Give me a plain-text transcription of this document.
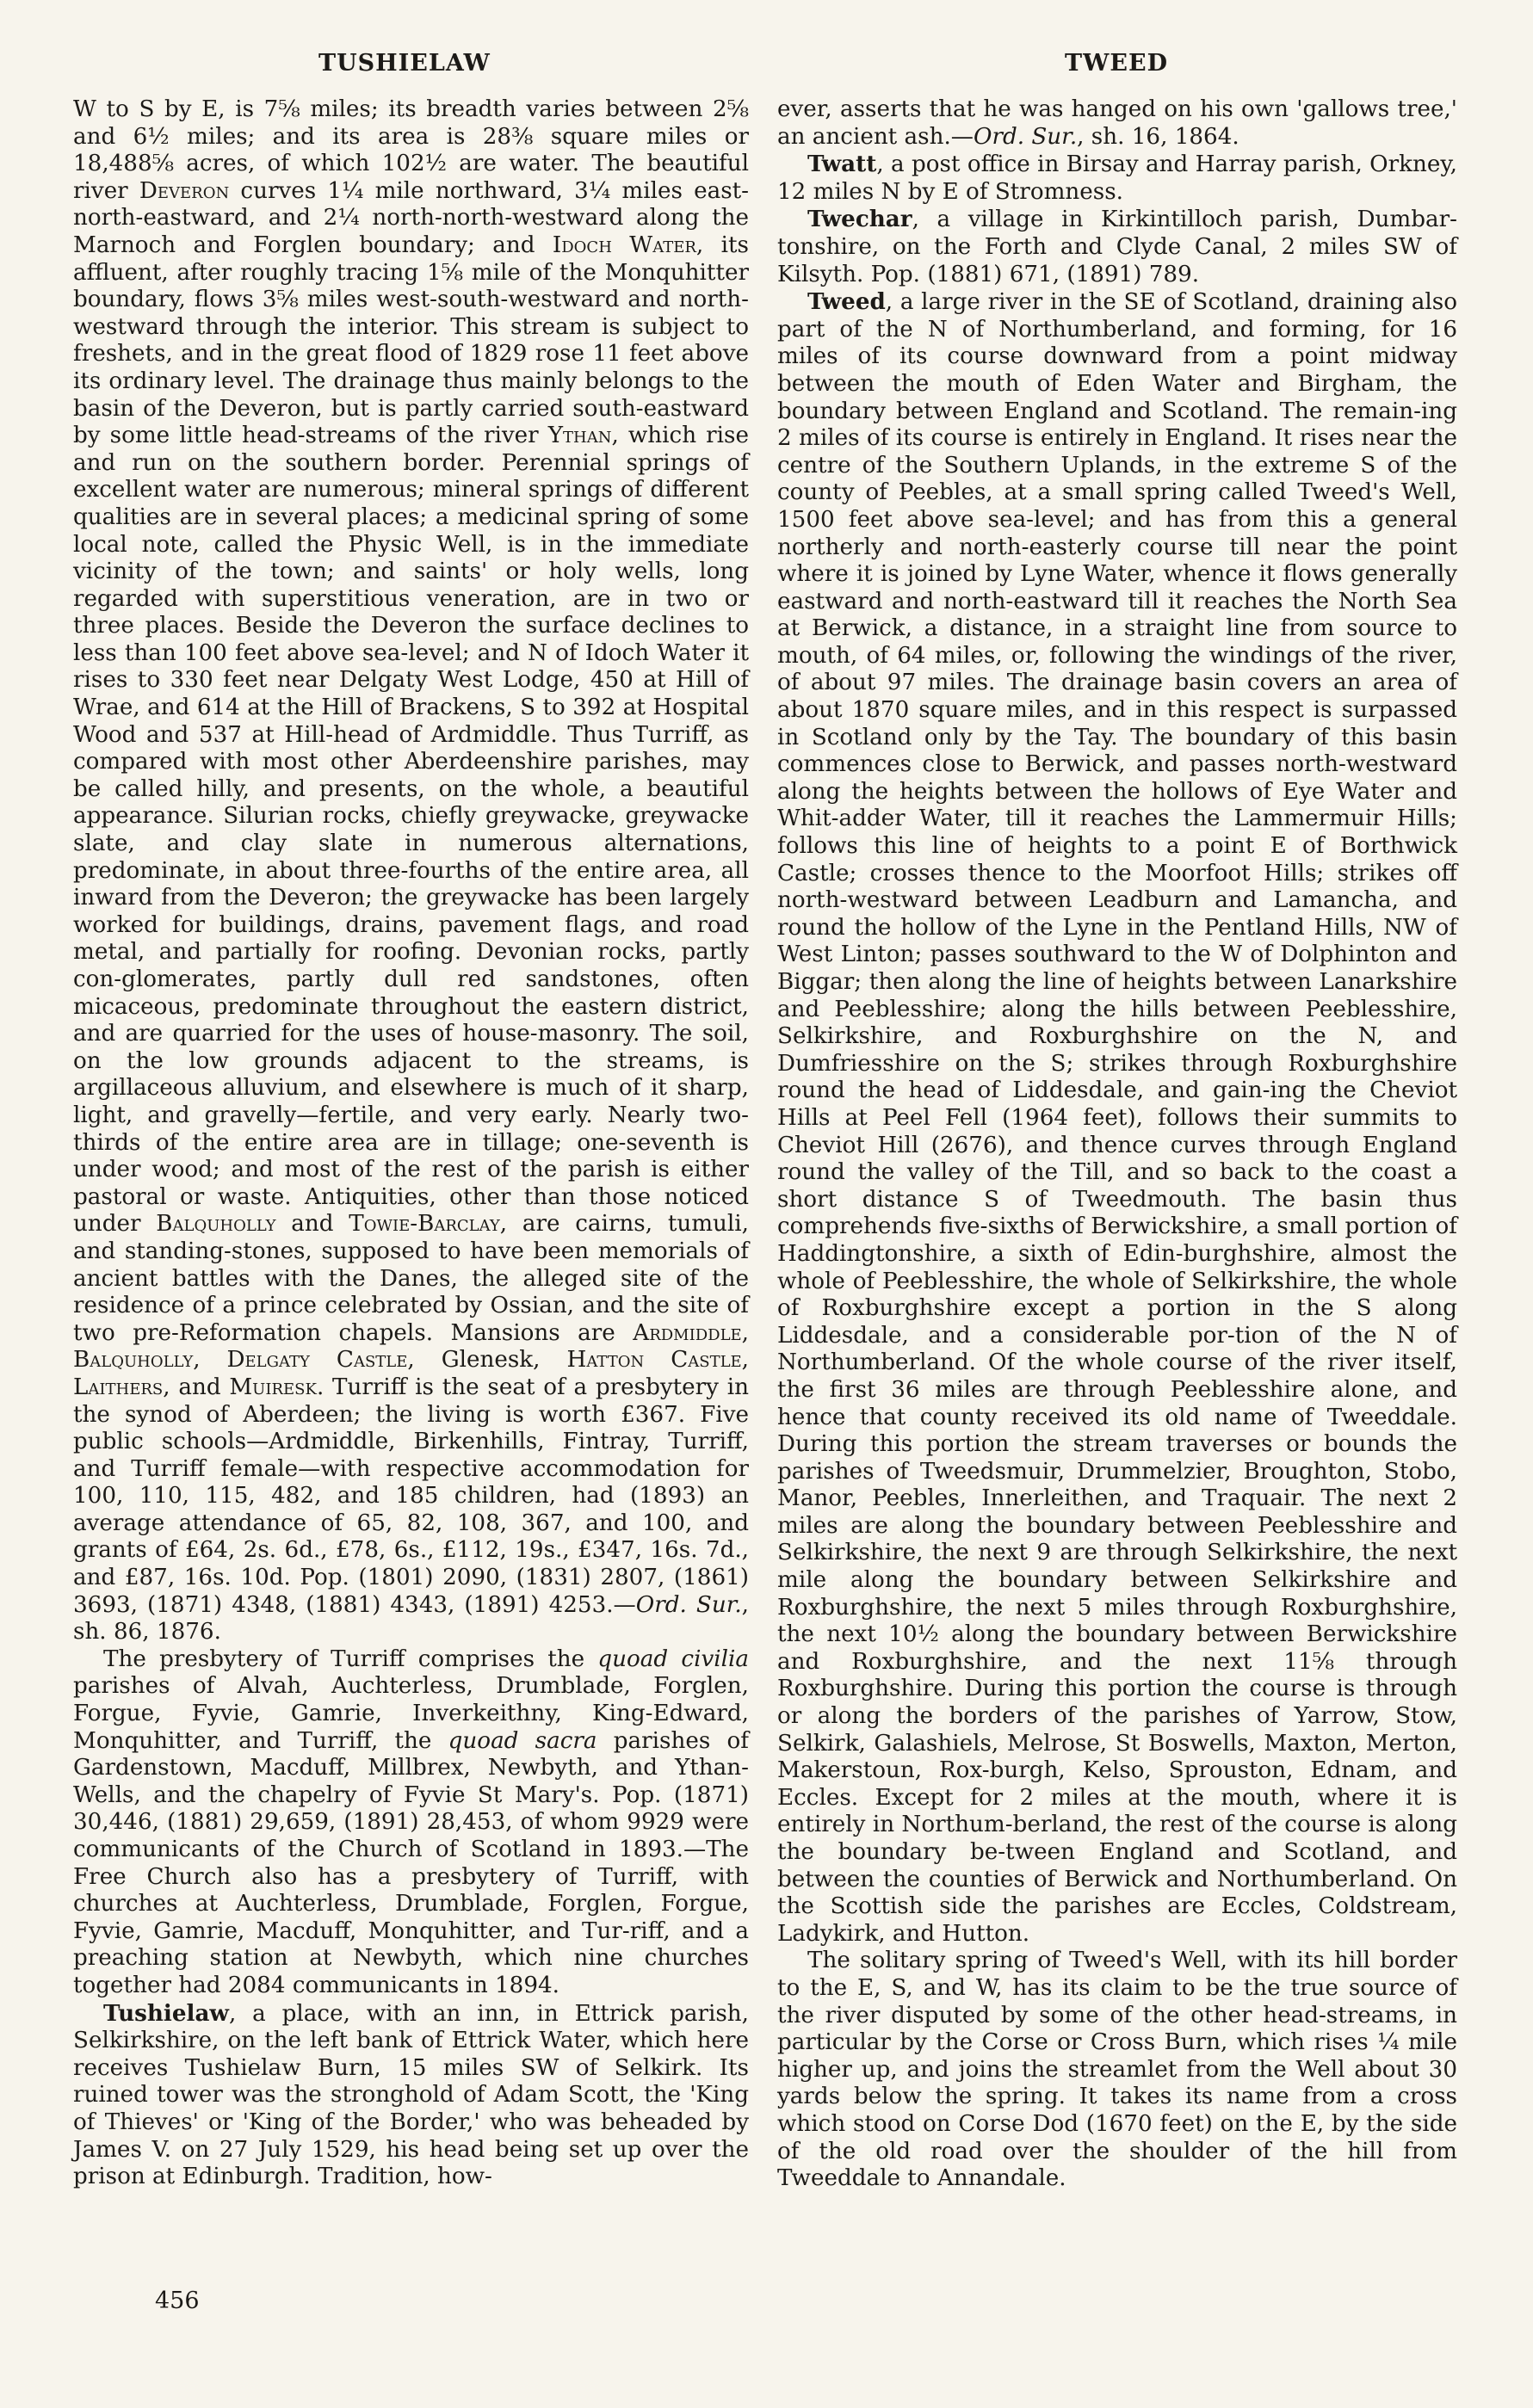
TUSHIELAW	TWEED

W to S by E, is 7⅝ miles; its breadth varies between 2⅝ and 6½ miles; and its area is 28⅜ square miles or 18,488⅝ acres, of which 102½ are water. The beautiful river Deveron curves 1¼ mile northward, 3¼ miles east-north-eastward, and 2¼ north-north-westward along the Marnoch and Forglen boundary; and Idoch Water, its affluent, after roughly tracing 1⅝ mile of the Monquhitter boundary, flows 3⅝ miles west-south-westward and north-westward through the interior. This stream is subject to freshets, and in the great flood of 1829 rose 11 feet above its ordinary level. The drainage thus mainly belongs to the basin of the Deveron, but is partly carried south-eastward by some little head-streams of the river Ythan, which rise and run on the southern border. Perennial springs of excellent water are numerous; mineral springs of different qualities are in several places; a medicinal spring of some local note, called the Physic Well, is in the immediate vicinity of the town; and saints' or holy wells, long regarded with superstitious veneration, are in two or three places. Beside the Deveron the surface declines to less than 100 feet above sea-level; and N of Idoch Water it rises to 330 feet near Delgaty West Lodge, 450 at Hill of Wrae, and 614 at the Hill of Brackens, S to 392 at Hospital Wood and 537 at Hill-head of Ardmiddle. Thus Turriff, as compared with most other Aberdeenshire parishes, may be called hilly, and presents, on the whole, a beautiful appearance. Silurian rocks, chiefly greywacke, greywacke slate, and clay slate in numerous alternations, predominate, in about three-fourths of the entire area, all inward from the Deveron; the greywacke has been largely worked for buildings, drains, pavement flags, and road metal, and partially for roofing. Devonian rocks, partly con-glomerates, partly dull red sandstones, often micaceous, predominate throughout the eastern district, and are quarried for the uses of house-masonry. The soil, on the low grounds adjacent to the streams, is argillaceous alluvium, and elsewhere is much of it sharp, light, and gravelly—fertile, and very early. Nearly two-thirds of the entire area are in tillage; one-seventh is under wood; and most of the rest of the parish is either pastoral or waste. Antiquities, other than those noticed under Balquholly and Towie-Barclay, are cairns, tumuli, and standing-stones, supposed to have been memorials of ancient battles with the Danes, the alleged site of the residence of a prince celebrated by Ossian, and the site of two pre-Reformation chapels. Mansions are Ardmiddle, Balquholly, Delgaty Castle, Glenesk, Hatton Castle, Laithers, and Muiresk. Turriff is the seat of a presbytery in the synod of Aberdeen; the living is worth £367. Five public schools—Ardmiddle, Birkenhills, Fintray, Turriff, and Turriff female—with respective accommodation for 100, 110, 115, 482, and 185 children, had (1893) an average attendance of 65, 82, 108, 367, and 100, and grants of £64, 2s. 6d., £78, 6s., £112, 19s., £347, 16s. 7d., and £87, 16s. 10d. Pop. (1801) 2090, (1831) 2807, (1861) 3693, (1871) 4348, (1881) 4343, (1891) 4253.—Ord. Sur., sh. 86, 1876.

The presbytery of Turriff comprises the quoad civilia parishes of Alvah, Auchterless, Drumblade, Forglen, Forgue, Fyvie, Gamrie, Inverkeithny, King-Edward, Monquhitter, and Turriff, the quoad sacra parishes of Gardenstown, Macduff, Millbrex, Newbyth, and Ythan-Wells, and the chapelry of Fyvie St Mary's. Pop. (1871) 30,446, (1881) 29,659, (1891) 28,453, of whom 9929 were communicants of the Church of Scotland in 1893.—The Free Church also has a presbytery of Turriff, with churches at Auchterless, Drumblade, Forglen, Forgue, Fyvie, Gamrie, Macduff, Monquhitter, and Tur-riff, and a preaching station at Newbyth, which nine churches together had 2084 communicants in 1894.

Tushielaw, a place, with an inn, in Ettrick parish, Selkirkshire, on the left bank of Ettrick Water, which here receives Tushielaw Burn, 15 miles SW of Selkirk. Its ruined tower was the stronghold of Adam Scott, the 'King of Thieves' or 'King of the Border,' who was beheaded by James V. on 27 July 1529, his head being set up over the prison at Edinburgh. Tradition, how-

ever, asserts that he was hanged on his own 'gallows tree,' an ancient ash.—Ord. Sur., sh. 16, 1864.

Twatt, a post office in Birsay and Harray parish, Orkney, 12 miles N by E of Stromness.

Twechar, a village in Kirkintilloch parish, Dumbar-tonshire, on the Forth and Clyde Canal, 2 miles SW of Kilsyth. Pop. (1881) 671, (1891) 789.

Tweed, a large river in the SE of Scotland, draining also part of the N of Northumberland, and forming, for 16 miles of its course downward from a point midway between the mouth of Eden Water and Birgham, the boundary between England and Scotland. The remain-ing 2 miles of its course is entirely in England. It rises near the centre of the Southern Uplands, in the extreme S of the county of Peebles, at a small spring called Tweed's Well, 1500 feet above sea-level; and has from this a general northerly and north-easterly course till near the point where it is joined by Lyne Water, whence it flows generally eastward and north-eastward till it reaches the North Sea at Berwick, a distance, in a straight line from source to mouth, of 64 miles, or, following the windings of the river, of about 97 miles. The drainage basin covers an area of about 1870 square miles, and in this respect is surpassed in Scotland only by the Tay. The boundary of this basin commences close to Berwick, and passes north-westward along the heights between the hollows of Eye Water and Whit-adder Water, till it reaches the Lammermuir Hills; follows this line of heights to a point E of Borthwick Castle; crosses thence to the Moorfoot Hills; strikes off north-westward between Leadburn and Lamancha, and round the hollow of the Lyne in the Pentland Hills, NW of West Linton; passes southward to the W of Dolphinton and Biggar; then along the line of heights between Lanarkshire and Peeblesshire; along the hills between Peeblesshire, Selkirkshire, and Roxburghshire on the N, and Dumfriesshire on the S; strikes through Roxburghshire round the head of Liddesdale, and gain-ing the Cheviot Hills at Peel Fell (1964 feet), follows their summits to Cheviot Hill (2676), and thence curves through England round the valley of the Till, and so back to the coast a short distance S of Tweedmouth. The basin thus comprehends five-sixths of Berwickshire, a small portion of Haddingtonshire, a sixth of Edin-burghshire, almost the whole of Peeblesshire, the whole of Selkirkshire, the whole of Roxburghshire except a portion in the S along Liddesdale, and a considerable por-tion of the N of Northumberland. Of the whole course of the river itself, the first 36 miles are through Peeblesshire alone, and hence that county received its old name of Tweeddale. During this portion the stream traverses or bounds the parishes of Tweedsmuir, Drummelzier, Broughton, Stobo, Manor, Peebles, Innerleithen, and Traquair. The next 2 miles are along the boundary between Peeblesshire and Selkirkshire, the next 9 are through Selkirkshire, the next mile along the boundary between Selkirkshire and Roxburghshire, the next 5 miles through Roxburghshire, the next 10½ along the boundary between Berwickshire and Roxburghshire, and the next 11⅝ through Roxburghshire. During this portion the course is through or along the borders of the parishes of Yarrow, Stow, Selkirk, Galashiels, Melrose, St Boswells, Maxton, Merton, Makerstoun, Rox-burgh, Kelso, Sprouston, Ednam, and Eccles. Except for 2 miles at the mouth, where it is entirely in Northum-berland, the rest of the course is along the boundary be-tween England and Scotland, and between the counties of Berwick and Northumberland. On the Scottish side the parishes are Eccles, Coldstream, Ladykirk, and Hutton.

The solitary spring of Tweed's Well, with its hill border to the E, S, and W, has its claim to be the true source of the river disputed by some of the other head-streams, in particular by the Corse or Cross Burn, which rises ¼ mile higher up, and joins the streamlet from the Well about 30 yards below the spring. It takes its name from a cross which stood on Corse Dod (1670 feet) on the E, by the side of the old road over the shoulder of the hill from Tweeddale to Annandale.

456
